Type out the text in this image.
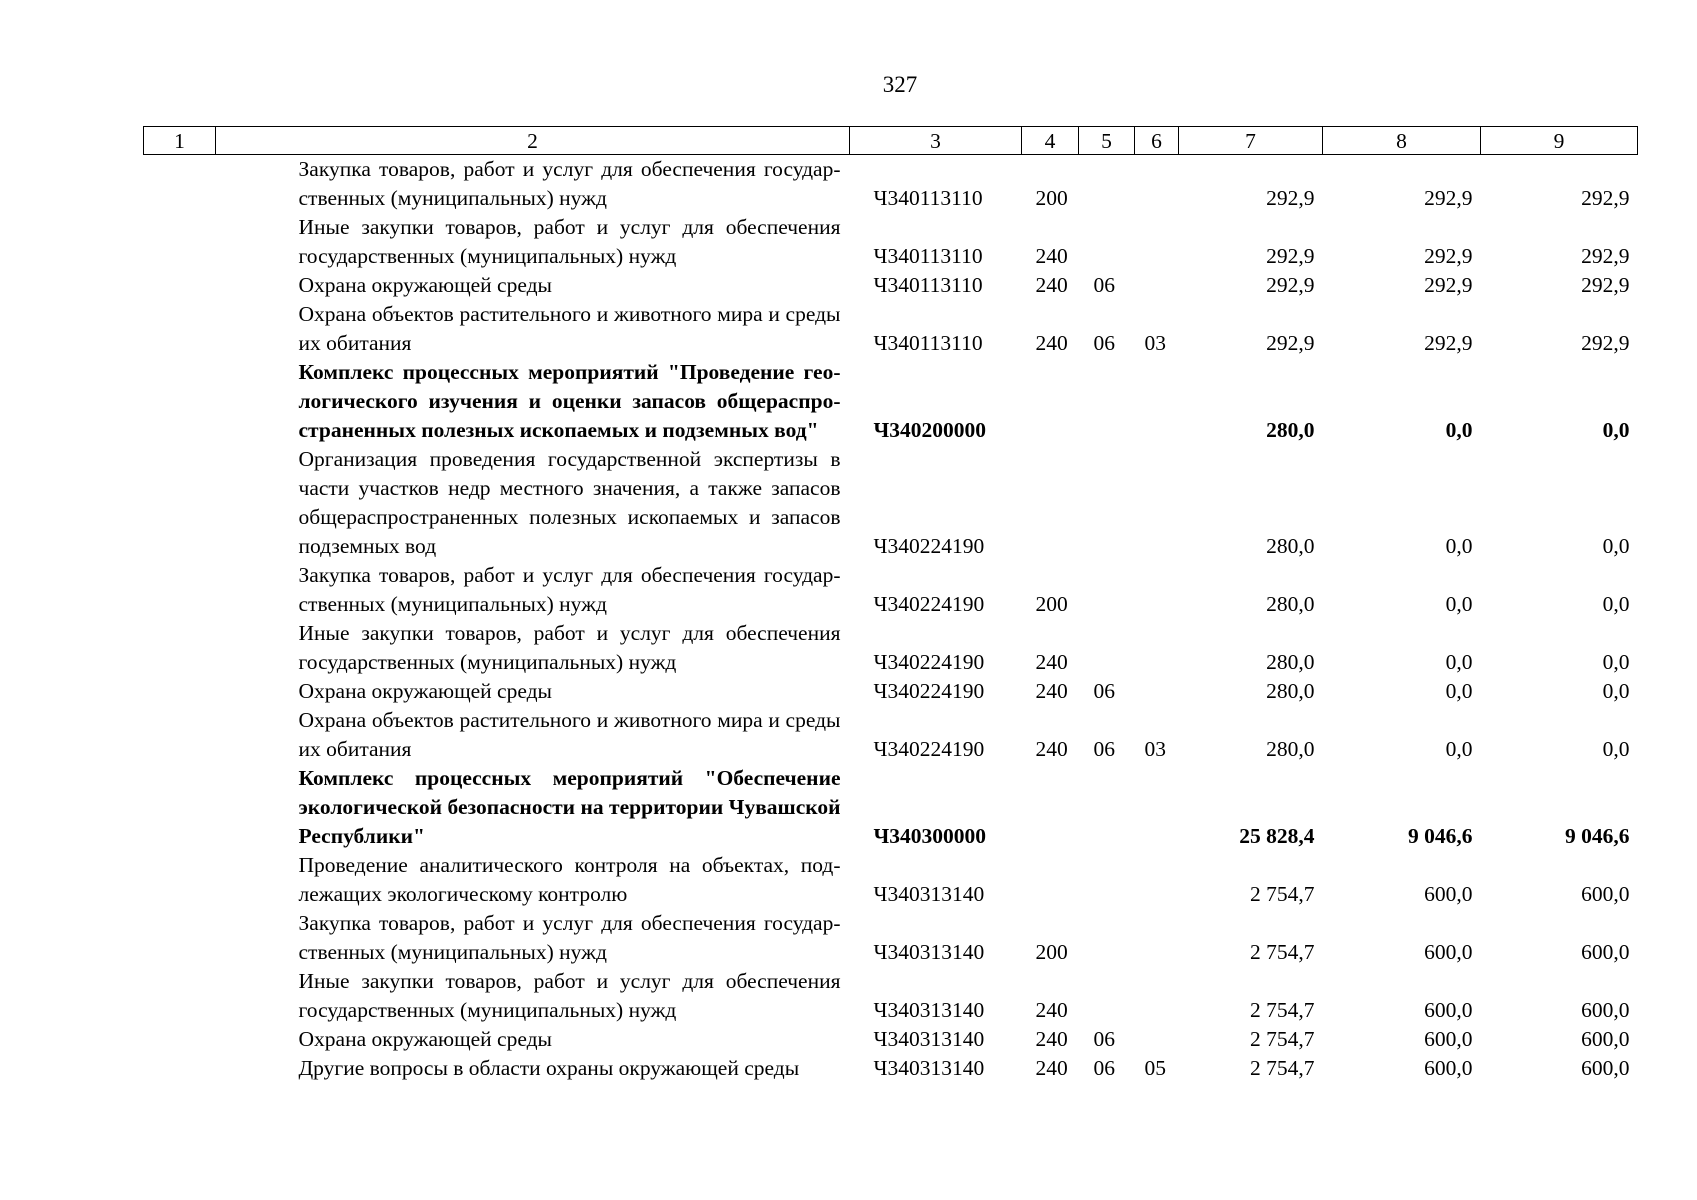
327
1	2	3	4	5	6	7	8	9
	Закупка товаров, работ и услуг для обеспечения государственных (муниципальных) нужд	Ч340113110	200			292,9	292,9	292,9
	Иные закупки товаров, работ и услуг для обеспечения государственных (муниципальных) нужд	Ч340113110	240			292,9	292,9	292,9
	Охрана окружающей среды	Ч340113110	240	06		292,9	292,9	292,9
	Охрана объектов растительного и животного мира и среды их обитания	Ч340113110	240	06	03	292,9	292,9	292,9
	Комплекс процессных мероприятий "Проведение геологического изучения и оценки запасов общераспространенных полезных ископаемых и подземных вод"	Ч340200000				280,0	0,0	0,0
	Организация проведения государственной экспертизы в части участков недр местного значения, а также запасов общераспространенных полезных ископаемых и запасов подземных вод	Ч340224190				280,0	0,0	0,0
	Закупка товаров, работ и услуг для обеспечения государственных (муниципальных) нужд	Ч340224190	200			280,0	0,0	0,0
	Иные закупки товаров, работ и услуг для обеспечения государственных (муниципальных) нужд	Ч340224190	240			280,0	0,0	0,0
	Охрана окружающей среды	Ч340224190	240	06		280,0	0,0	0,0
	Охрана объектов растительного и животного мира и среды их обитания	Ч340224190	240	06	03	280,0	0,0	0,0
	Комплекс процессных мероприятий "Обеспечение экологической безопасности на территории Чувашской Республики"	Ч340300000				25 828,4	9 046,6	9 046,6
	Проведение аналитического контроля на объектах, подлежащих экологическому контролю	Ч340313140				2 754,7	600,0	600,0
	Закупка товаров, работ и услуг для обеспечения государственных (муниципальных) нужд	Ч340313140	200			2 754,7	600,0	600,0
	Иные закупки товаров, работ и услуг для обеспечения государственных (муниципальных) нужд	Ч340313140	240			2 754,7	600,0	600,0
	Охрана окружающей среды	Ч340313140	240	06		2 754,7	600,0	600,0
	Другие вопросы в области охраны окружающей среды	Ч340313140	240	06	05	2 754,7	600,0	600,0
